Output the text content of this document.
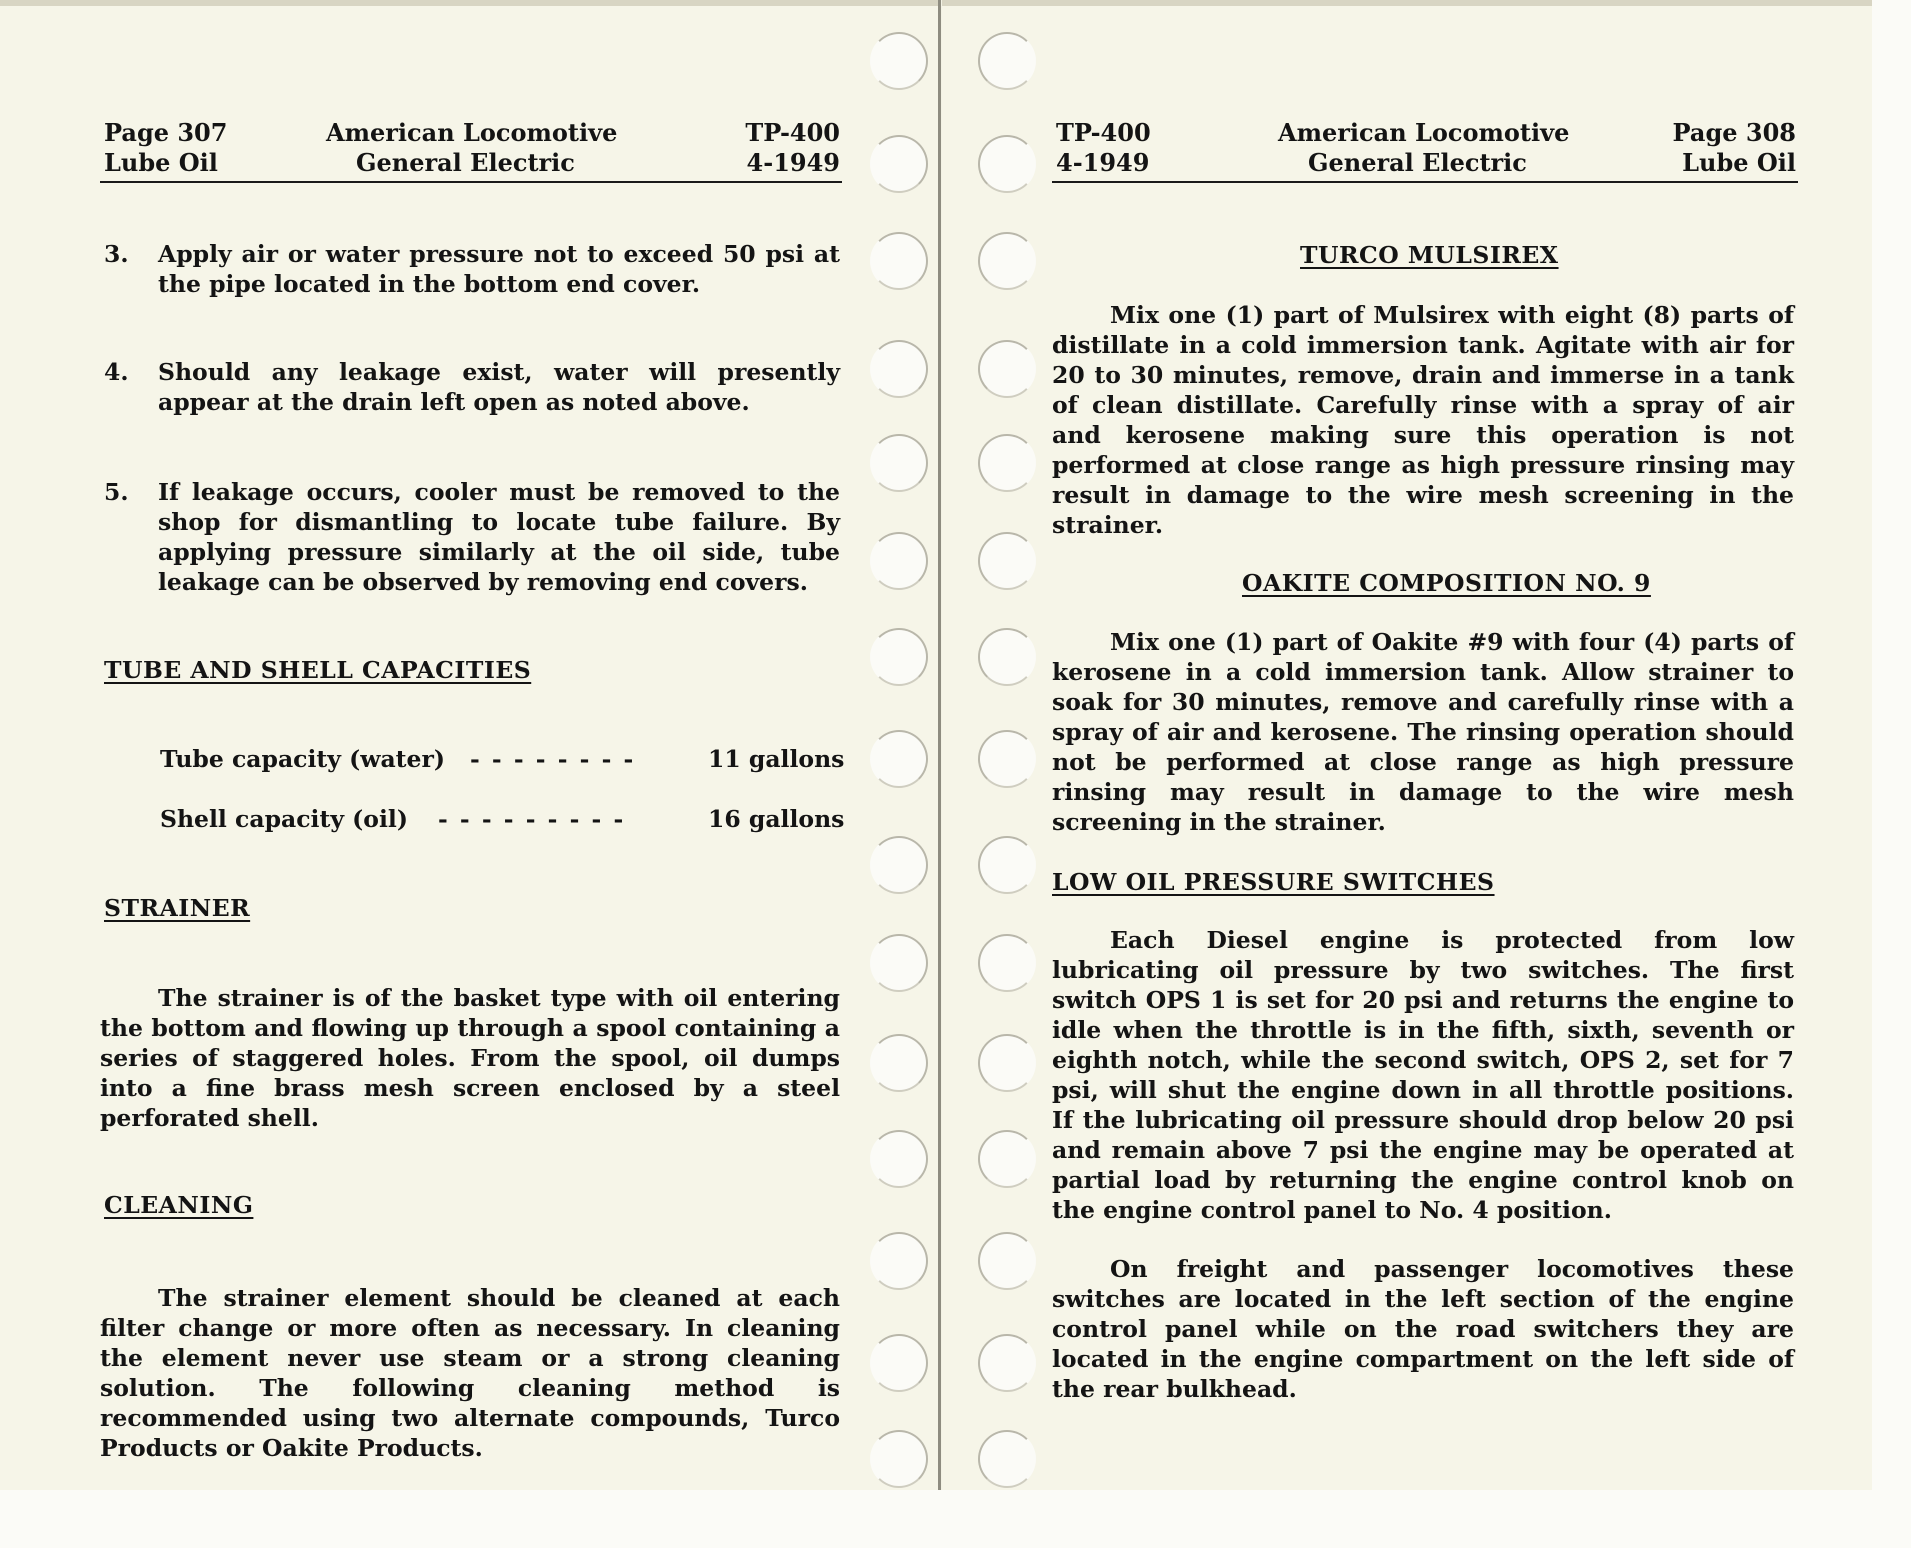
Page 307
Lube Oil
American Locomotive
General Electric
TP-400
4-1949
3. Apply air or water pressure not to exceed 50 psi at the pipe located in the bottom end cover.
4. Should any leakage exist, water will presently appear at the drain left open as noted above.
5. If leakage occurs, cooler must be removed to the shop for dismantling to locate tube failure. By applying pressure similarly at the oil side, tube leakage can be observed by removing end covers.
TUBE AND SHELL CAPACITIES
Tube capacity (water) - - - - - - - -	11 gallons
Shell capacity (oil) - - - - - - - - -	16 gallons
STRAINER
The strainer is of the basket type with oil entering the bottom and flowing up through a spool containing a series of staggered holes. From the spool, oil dumps into a fine brass mesh screen enclosed by a steel perforated shell.
CLEANING
The strainer element should be cleaned at each filter change or more often as necessary. In cleaning the element never use steam or a strong cleaning solution. The following cleaning method is recommended using two alternate compounds, Turco Products or Oakite Products.
TP-400
4-1949
American Locomotive
General Electric
Page 308
Lube Oil
TURCO MULSIREX
Mix one (1) part of Mulsirex with eight (8) parts of distillate in a cold immersion tank. Agitate with air for 20 to 30 minutes, remove, drain and immerse in a tank of clean distillate. Carefully rinse with a spray of air and kerosene making sure this operation is not performed at close range as high pressure rinsing may result in damage to the wire mesh screening in the strainer.
OAKITE COMPOSITION NO. 9
Mix one (1) part of Oakite #9 with four (4) parts of kerosene in a cold immersion tank. Allow strainer to soak for 30 minutes, remove and carefully rinse with a spray of air and kerosene. The rinsing operation should not be performed at close range as high pressure rinsing may result in damage to the wire mesh screening in the strainer.
LOW OIL PRESSURE SWITCHES
Each Diesel engine is protected from low lubricating oil pressure by two switches. The first switch OPS 1 is set for 20 psi and returns the engine to idle when the throttle is in the fifth, sixth, seventh or eighth notch, while the second switch, OPS 2, set for 7 psi, will shut the engine down in all throttle positions. If the lubricating oil pressure should drop below 20 psi and remain above 7 psi the engine may be operated at partial load by returning the engine control knob on the engine control panel to No. 4 position.
On freight and passenger locomotives these switches are located in the left section of the engine control panel while on the road switchers they are located in the engine compartment on the left side of the rear bulkhead.
